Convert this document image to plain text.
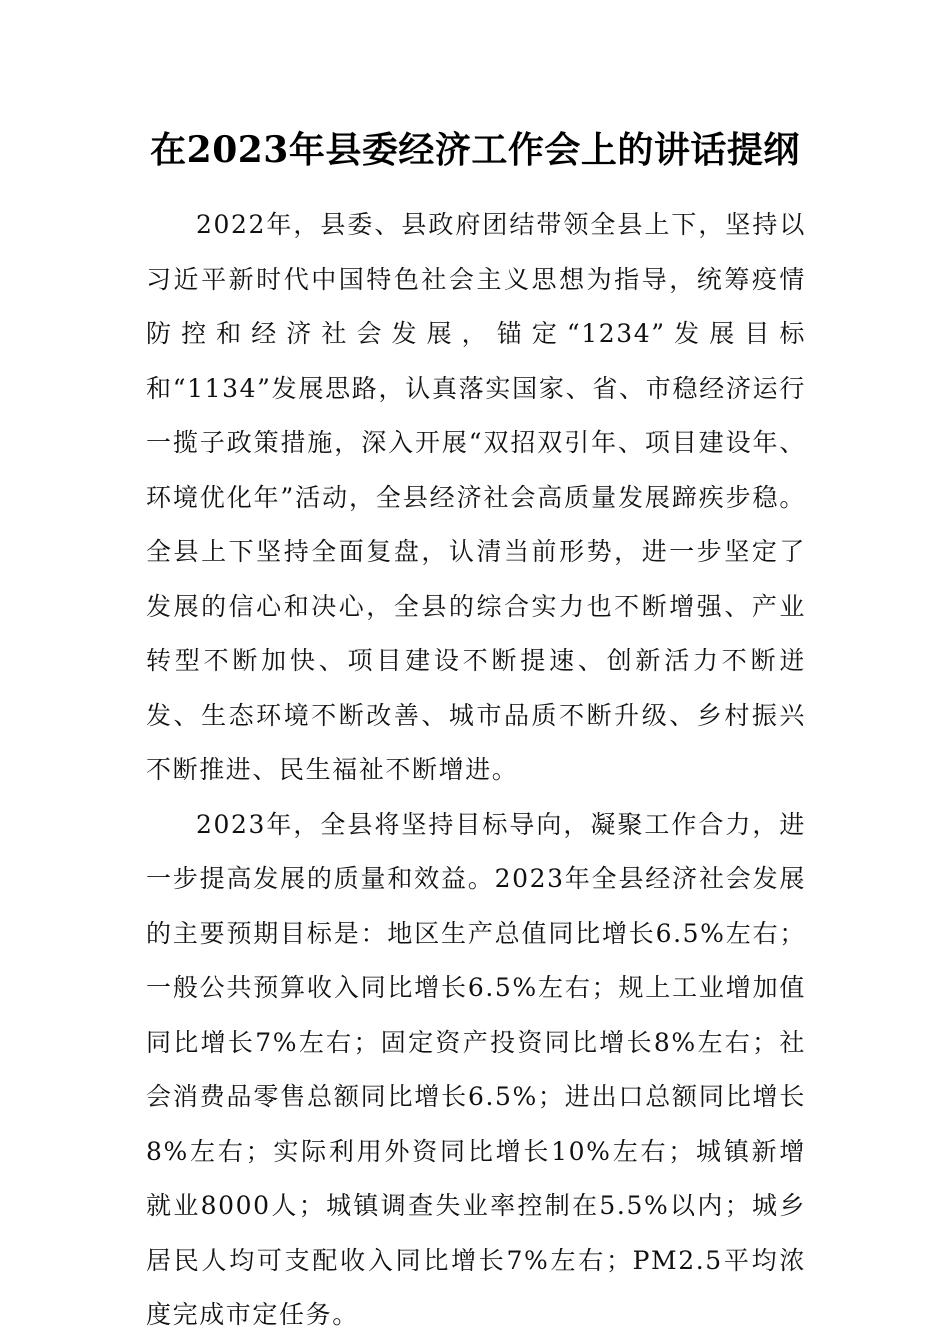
在2023年县委经济工作会上的讲话提纲

2022年，县委、县政府团结带领全县上下，坚持以习近平新时代中国特色社会主义思想为指导，统筹疫情防控和经济社会发展，锚定“1234”发展目标和“1134”发展思路，认真落实国家、省、市稳经济运行一揽子政策措施，深入开展“双招双引年、项目建设年、环境优化年”活动，全县经济社会高质量发展蹄疾步稳。全县上下坚持全面复盘，认清当前形势，进一步坚定了发展的信心和决心，全县的综合实力也不断增强、产业转型不断加快、项目建设不断提速、创新活力不断迸发、生态环境不断改善、城市品质不断升级、乡村振兴不断推进、民生福祉不断增进。

2023年，全县将坚持目标导向，凝聚工作合力，进一步提高发展的质量和效益。2023年全县经济社会发展的主要预期目标是：地区生产总值同比增长6.5%左右；一般公共预算收入同比增长6.5%左右；规上工业增加值同比增长7%左右；固定资产投资同比增长8%左右；社会消费品零售总额同比增长6.5%；进出口总额同比增长8%左右；实际利用外资同比增长10%左右；城镇新增就业8000人；城镇调查失业率控制在5.5%以内；城乡居民人均可支配收入同比增长7%左右；PM2.5平均浓度完成市定任务。
